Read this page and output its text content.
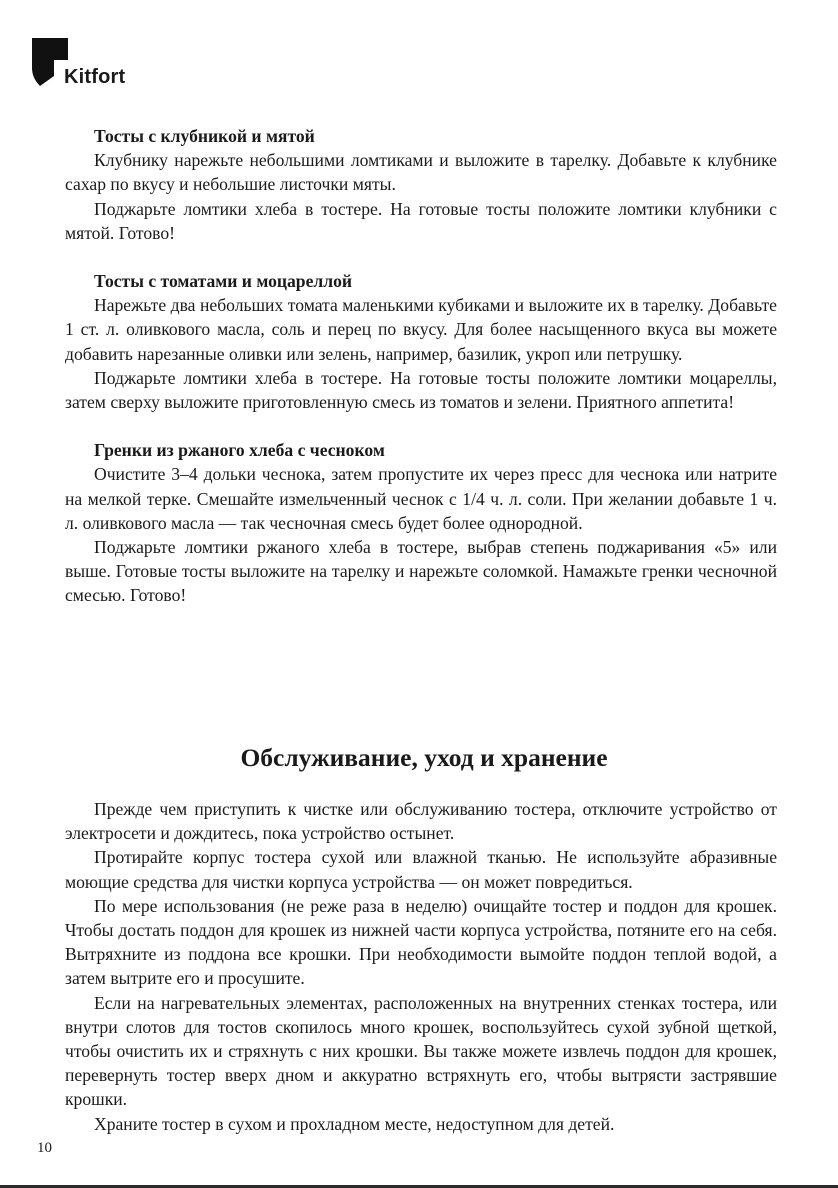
Kitfort

Тосты с клубникой и мятой

Клубнику нарежьте небольшими ломтиками и выложите в тарелку. Добавьте к клубнике сахар по вкусу и небольшие листочки мяты.

Поджарьте ломтики хлеба в тостере. На готовые тосты положите ломтики клубники с мятой. Готово!

Тосты с томатами и моцареллой

Нарежьте два небольших томата маленькими кубиками и выложите их в тарелку. Добавьте 1 ст. л. оливкового масла, соль и перец по вкусу. Для более насыщенного вкуса вы можете добавить нарезанные оливки или зелень, например, базилик, укроп или петрушку.

Поджарьте ломтики хлеба в тостере. На готовые тосты положите ломтики моцареллы, затем сверху выложите приготовленную смесь из томатов и зелени. Приятного аппетита!

Гренки из ржаного хлеба с чесноком

Очистите 3–4 дольки чеснока, затем пропустите их через пресс для чеснока или натрите на мелкой терке. Смешайте измельченный чеснок с 1/4 ч. л. соли. При желании добавьте 1 ч. л. оливкового масла — так чесночная смесь будет более однородной.

Поджарьте ломтики ржаного хлеба в тостере, выбрав степень поджаривания «5» или выше. Готовые тосты выложите на тарелку и нарежьте соломкой. Намажьте гренки чесночной смесью. Готово!

Обслуживание, уход и хранение

Прежде чем приступить к чистке или обслуживанию тостера, отключите устройство от электросети и дождитесь, пока устройство остынет.

Протирайте корпус тостера сухой или влажной тканью. Не используйте абразивные моющие средства для чистки корпуса устройства — он может повредиться.

По мере использования (не реже раза в неделю) очищайте тостер и поддон для крошек. Чтобы достать поддон для крошек из нижней части корпуса устройства, потяните его на себя. Вытряхните из поддона все крошки. При необходимости вымойте поддон теплой водой, а затем вытрите его и просушите.

Если на нагревательных элементах, расположенных на внутренних стенках тостера, или внутри слотов для тостов скопилось много крошек, воспользуйтесь сухой зубной щеткой, чтобы очистить их и стряхнуть с них крошки. Вы также можете извлечь поддон для крошек, перевернуть тостер вверх дном и аккуратно встряхнуть его, чтобы вытрясти застрявшие крошки.

Храните тостер в сухом и прохладном месте, недоступном для детей.

10
